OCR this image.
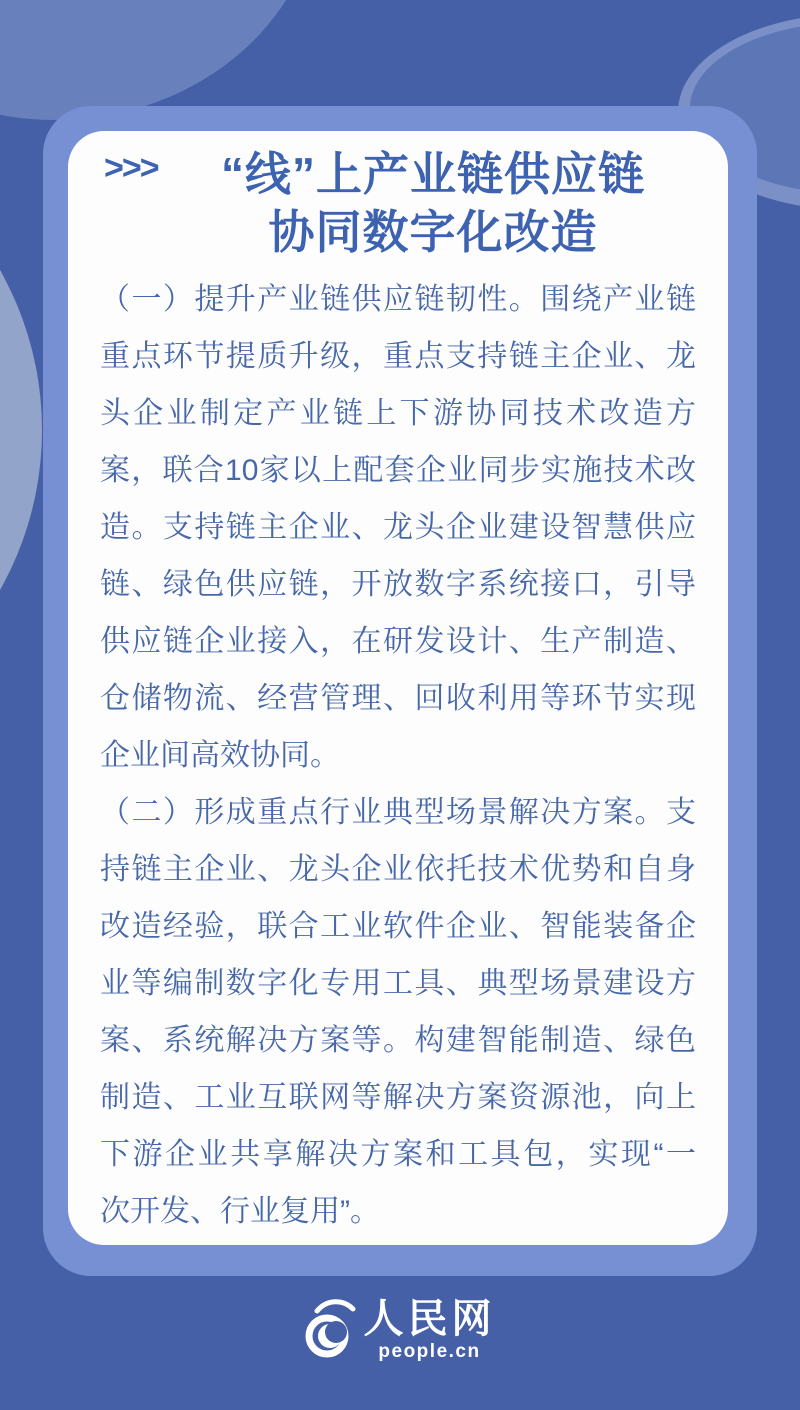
>>>	“线”上产业链供应链
协同数字化改造
（一）提升产业链供应链韧性。围绕产业链
重点环节提质升级，重点支持链主企业、龙
头企业制定产业链上下游协同技术改造方
案，联合10家以上配套企业同步实施技术改
造。支持链主企业、龙头企业建设智慧供应
链、绿色供应链，开放数字系统接口，引导
供应链企业接入，在研发设计、生产制造、
仓储物流、经营管理、回收利用等环节实现
企业间高效协同。
（二）形成重点行业典型场景解决方案。支
持链主企业、龙头企业依托技术优势和自身
改造经验，联合工业软件企业、智能装备企
业等编制数字化专用工具、典型场景建设方
案、系统解决方案等。构建智能制造、绿色
制造、工业互联网等解决方案资源池，向上
下游企业共享解决方案和工具包，实现“一
次开发、行业复用”。
人民网
people.cn
